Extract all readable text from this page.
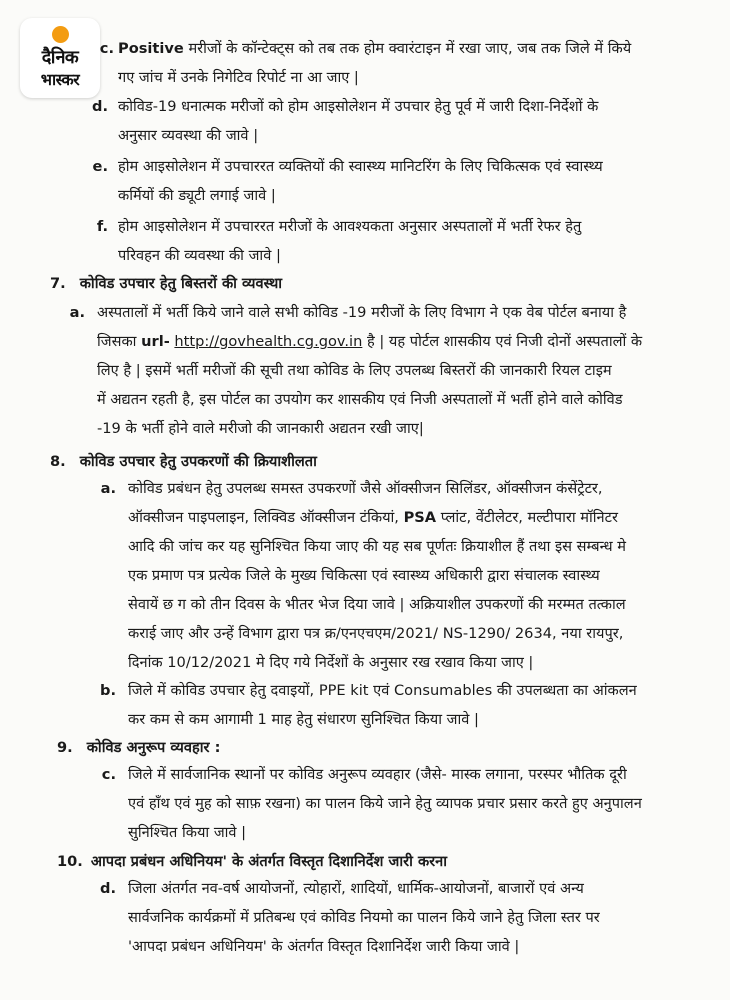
दैनिक
भास्कर
c. Positive मरीजों के कॉन्टेक्ट्स को तब तक होम क्वारंटाइन में रखा जाए, जब तक जिले में किये
गए जांच में उनके निगेटिव रिपोर्ट ना आ जाए |
d. कोविड-19 धनात्मक मरीजों को होम आइसोलेशन में उपचार हेतु पूर्व में जारी दिशा-निर्देशों के
अनुसार व्यवस्था की जावे |
e. होम आइसोलेशन में उपचाररत व्यक्तियों की स्वास्थ्य मानिटरिंग के लिए चिकित्सक एवं स्वास्थ्य
कर्मियों की ड्यूटी लगाई जावे |
f. होम आइसोलेशन में उपचाररत मरीजों के आवश्यकता अनुसार अस्पतालों में भर्ती रेफर हेतु
परिवहन की व्यवस्था की जावे |
7. कोविड उपचार हेतु बिस्तरों की व्यवस्था
a. अस्पतालों में भर्ती किये जाने वाले सभी कोविड -19 मरीजों के लिए विभाग ने एक वेब पोर्टल बनाया है
जिसका url- http://govhealth.cg.gov.in है | यह पोर्टल शासकीय एवं निजी दोनों अस्पतालों के
लिए है | इसमें भर्ती मरीजों की सूची तथा कोविड के लिए उपलब्ध बिस्तरों की जानकारी रियल टाइम
में अद्यतन रहती है, इस पोर्टल का उपयोग कर शासकीय एवं निजी अस्पतालों में भर्ती होने वाले कोविड
-19 के भर्ती होने वाले मरीजो की जानकारी अद्यतन रखी जाए|
8. कोविड उपचार हेतु उपकरणों की क्रियाशीलता
a. कोविड प्रबंधन हेतु उपलब्ध समस्त उपकरणों जैसे ऑक्सीजन सिलिंडर, ऑक्सीजन कंसेंट्रेटर,
ऑक्सीजन पाइपलाइन, लिक्विड ऑक्सीजन टंकियां, PSA प्लांट, वेंटीलेटर, मल्टीपारा मॉनिटर
आदि की जांच कर यह सुनिश्चित किया जाए की यह सब पूर्णतः क्रियाशील हैं तथा इस सम्बन्ध मे
एक प्रमाण पत्र प्रत्येक जिले के मुख्य चिकित्सा एवं स्वास्थ्य अधिकारी द्वारा संचालक स्वास्थ्य
सेवायें छ ग को तीन दिवस के भीतर भेज दिया जावे | अक्रियाशील उपकरणों की मरम्मत तत्काल
कराई जाए और उन्हें विभाग द्वारा पत्र क्र/एनएचएम/2021/ NS-1290/ 2634, नया रायपुर,
दिनांक 10/12/2021 मे दिए गये निर्देशों के अनुसार रख रखाव किया जाए |
b. जिले में कोविड उपचार हेतु दवाइयों, PPE kit एवं Consumables की उपलब्धता का आंकलन
कर कम से कम आगामी 1 माह हेतु संधारण सुनिश्चित किया जावे |
9. कोविड अनुरूप व्यवहार :
c. जिले में सार्वजानिक स्थानों पर कोविड अनुरूप व्यवहार (जैसे- मास्क लगाना, परस्पर भौतिक दूरी
एवं हाँथ एवं मुह को साफ़ रखना) का पालन किये जाने हेतु व्यापक प्रचार प्रसार करते हुए अनुपालन
सुनिश्चित किया जावे |
10. आपदा प्रबंधन अधिनियम' के अंतर्गत विस्तृत दिशानिर्देश जारी करना
d. जिला अंतर्गत नव-वर्ष आयोजनों, त्योहारों, शादियों, धार्मिक-आयोजनों, बाजारों एवं अन्य
सार्वजनिक कार्यक्रमों में प्रतिबन्ध एवं कोविड नियमो का पालन किये जाने हेतु जिला स्तर पर
'आपदा प्रबंधन अधिनियम' के अंतर्गत विस्तृत दिशानिर्देश जारी किया जावे |
